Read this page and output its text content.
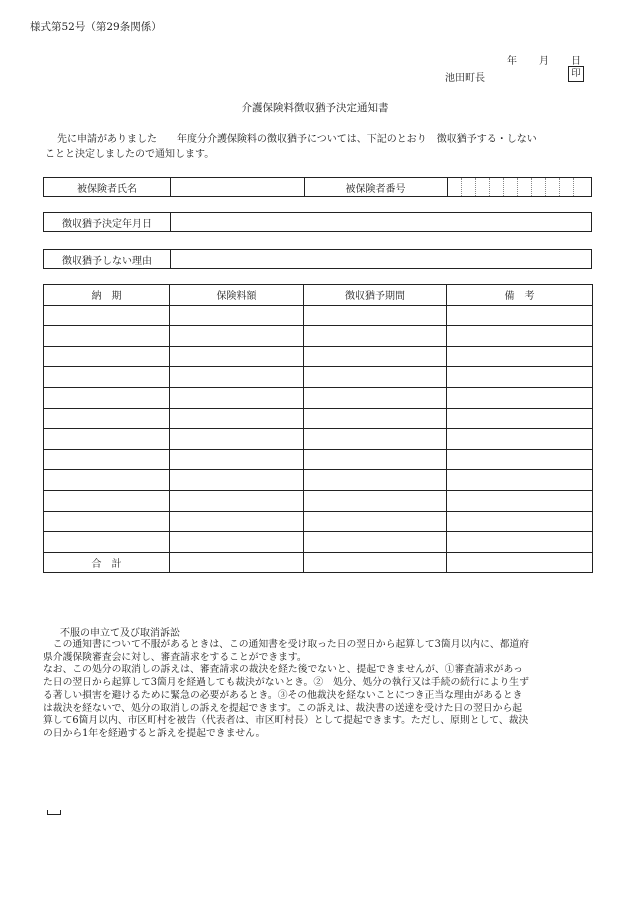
様式第52号（第29条関係）
年 月 日
池田町長	印
介護保険料徴収猶予決定通知書
先に申請がありました　　年度分介護保険料の徴収猶予については、下記のとおり　徴収猶予する・しない
ことと決定しましたので通知します。
被保険者氏名	被保険者番号
徴収猶予決定年月日
徴収猶予しない理由
納　期	保険料額	徴収猶予期間	備　考

合　計			
不服の申立て及び取消訴訟
　この通知書について不服があるときは、この通知書を受け取った日の翌日から起算して3箇月以内に、都道府
県介護保険審査会に対し、審査請求をすることができます。
なお、この処分の取消しの訴えは、審査請求の裁決を経た後でないと、提起できませんが、①審査請求があっ
た日の翌日から起算して3箇月を経過しても裁決がないとき。②　処分、処分の執行又は手続の続行により生ず
る著しい損害を避けるために緊急の必要があるとき。③その他裁決を経ないことにつき正当な理由があるとき
は裁決を経ないで、処分の取消しの訴えを提起できます。この訴えは、裁決書の送達を受けた日の翌日から起
算して6箇月以内、市区町村を被告（代表者は、市区町村長）として提起できます。ただし、原則として、裁決
の日から1年を経過すると訴えを提起できません。
